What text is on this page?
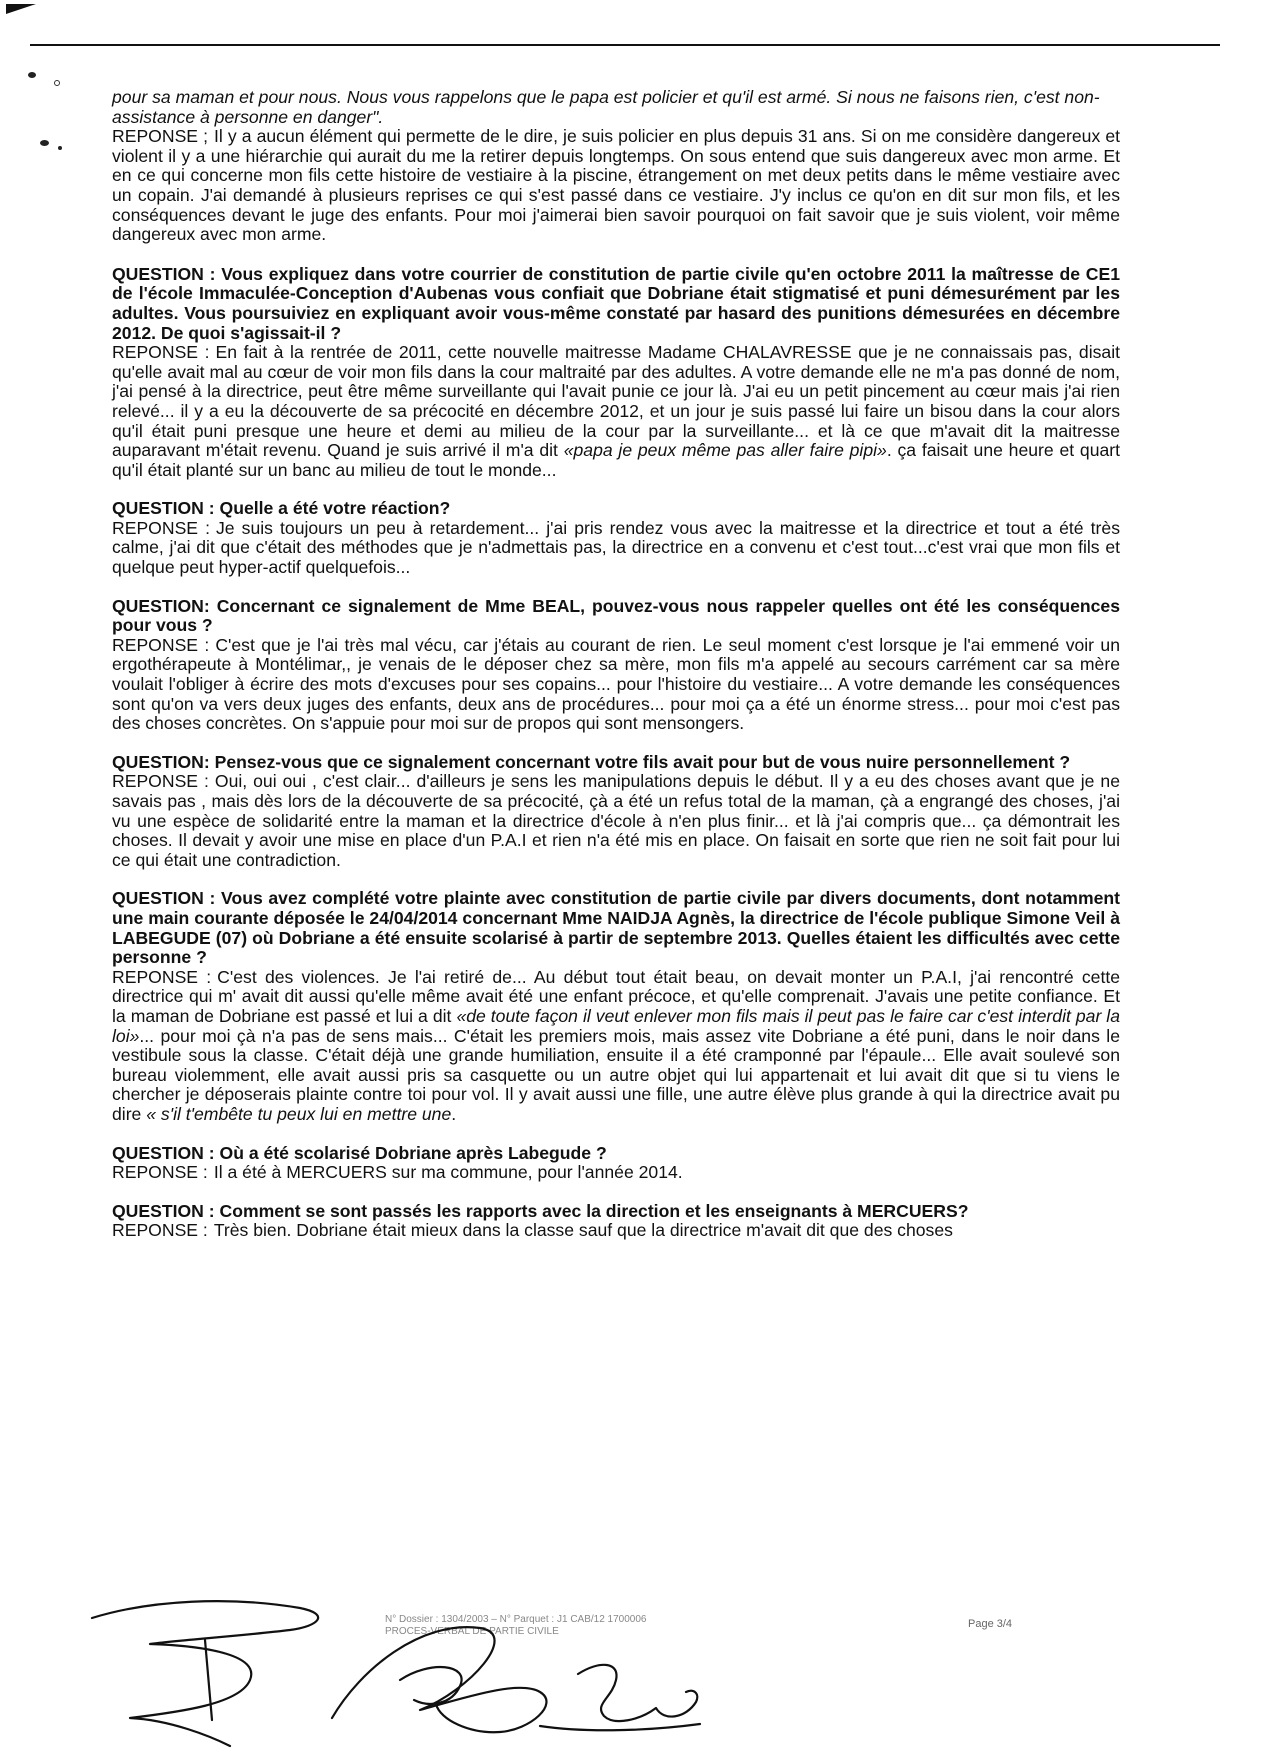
pour sa maman et pour nous. Nous vous rappelons que le papa est policier et qu'il est armé. Si nous ne faisons rien, c'est non-assistance à personne en danger".

REPONSE ; Il y a aucun élément qui permette de le dire, je suis policier en plus depuis 31 ans. Si on me considère dangereux et violent il y a une hiérarchie qui aurait du me la retirer depuis longtemps. On sous entend que suis dangereux avec mon arme. Et en ce qui concerne mon fils cette histoire de vestiaire à la piscine, étrangement on met deux petits dans le même vestiaire avec un copain. J'ai demandé à plusieurs reprises ce qui s'est passé dans ce vestiaire. J'y inclus ce qu'on en dit sur mon fils, et les conséquences devant le juge des enfants. Pour moi j'aimerai bien savoir pourquoi on fait savoir que je suis violent, voir même dangereux avec mon arme.
QUESTION : Vous expliquez dans votre courrier de constitution de partie civile qu'en octobre 2011 la maîtresse de CE1 de l'école Immaculée-Conception d'Aubenas vous confiait que Dobriane était stigmatisé et puni démesurément par les adultes. Vous poursuiviez en expliquant avoir vous-même constaté par hasard des punitions démesurées en décembre 2012. De quoi s'agissait-il ?
REPONSE : En fait à la rentrée de 2011, cette nouvelle maitresse Madame CHALAVRESSE que je ne connaissais pas, disait qu'elle avait mal au cœur de voir mon fils dans la cour maltraité par des adultes. A votre demande elle ne m'a pas donné de nom, j'ai pensé à la directrice, peut être même surveillante qui l'avait punie ce jour là. J'ai eu un petit pincement au cœur mais j'ai rien relevé... il y a eu la découverte de sa précocité en décembre 2012, et un jour je suis passé lui faire un bisou dans la cour alors qu'il était puni presque une heure et demi au milieu de la cour par la surveillante... et là ce que m'avait dit la maitresse auparavant m'était revenu. Quand je suis arrivé il m'a dit «papa je peux même pas aller faire pipi». ça faisait une heure et quart qu'il était planté sur un banc au milieu de tout le monde...
QUESTION : Quelle a été votre réaction?
REPONSE : Je suis toujours un peu à retardement... j'ai pris rendez vous avec la maitresse et la directrice et tout a été très calme, j'ai dit que c'était des méthodes que je n'admettais pas, la directrice en a convenu et c'est tout...c'est vrai que mon fils et quelque peut hyper-actif quelquefois...
QUESTION: Concernant ce signalement de Mme BEAL, pouvez-vous nous rappeler quelles ont été les conséquences pour vous ?
REPONSE : C'est que je l'ai très mal vécu, car j'étais au courant de rien. Le seul moment c'est lorsque je l'ai emmené voir un ergothérapeute à Montélimar,, je venais de le déposer chez sa mère, mon fils m'a appelé au secours carrément car sa mère voulait l'obliger à écrire des mots d'excuses pour ses copains... pour l'histoire du vestiaire... A votre demande les conséquences sont qu'on va vers deux juges des enfants, deux ans de procédures... pour moi ça a été un énorme stress... pour moi c'est pas des choses concrètes. On s'appuie pour moi sur de propos qui sont mensongers.
QUESTION: Pensez-vous que ce signalement concernant votre fils avait pour but de vous nuire personnellement ?
REPONSE : Oui, oui oui , c'est clair... d'ailleurs je sens les manipulations depuis le début. Il y a eu des choses avant que je ne savais pas , mais dès lors de la découverte de sa précocité, çà a été un refus total de la maman, çà a engrangé des choses, j'ai vu une espèce de solidarité entre la maman et la directrice d'école à n'en plus finir... et là j'ai compris que... ça démontrait les choses. Il devait y avoir une mise en place d'un P.A.I et rien n'a été mis en place. On faisait en sorte que rien ne soit fait pour lui ce qui était une contradiction.
QUESTION : Vous avez complété votre plainte avec constitution de partie civile par divers documents, dont notamment une main courante déposée le 24/04/2014 concernant Mme NAIDJA Agnès, la directrice de l'école publique Simone Veil à LABEGUDE (07) où Dobriane a été ensuite scolarisé à partir de septembre 2013. Quelles étaient les difficultés avec cette personne ?
REPONSE : C'est des violences. Je l'ai retiré de... Au début tout était beau, on devait monter un P.A.I, j'ai rencontré cette directrice qui m' avait dit aussi qu'elle même avait été une enfant précoce, et qu'elle comprenait. J'avais une petite confiance. Et la maman de Dobriane est passé et lui a dit «de toute façon il veut enlever mon fils mais il peut pas le faire car c'est interdit par la loi»... pour moi çà n'a pas de sens mais... C'était les premiers mois, mais assez vite Dobriane a été puni, dans le noir dans le vestibule sous la classe. C'était déjà une grande humiliation, ensuite il a été cramponné par l'épaule... Elle avait soulevé son bureau violemment, elle avait aussi pris sa casquette ou un autre objet qui lui appartenait et lui avait dit que si tu viens le chercher je déposerais plainte contre toi pour vol. Il y avait aussi une fille, une autre élève plus grande à qui la directrice avait pu dire « s'il t'embête tu peux lui en mettre une.
QUESTION : Où a été scolarisé Dobriane après Labegude ?
REPONSE : Il a été à MERCUERS sur ma commune, pour l'année 2014.
QUESTION : Comment se sont passés les rapports avec la direction et les enseignants à MERCUERS?
REPONSE : Très bien. Dobriane était mieux dans la classe sauf que la directrice m'avait dit que des choses
N° Dossier : 1304/2003 – N° Parquet : J1 CAB/12 1700006
PROCES-VERBAL DE PARTIE CIVILE
Page 3/4
